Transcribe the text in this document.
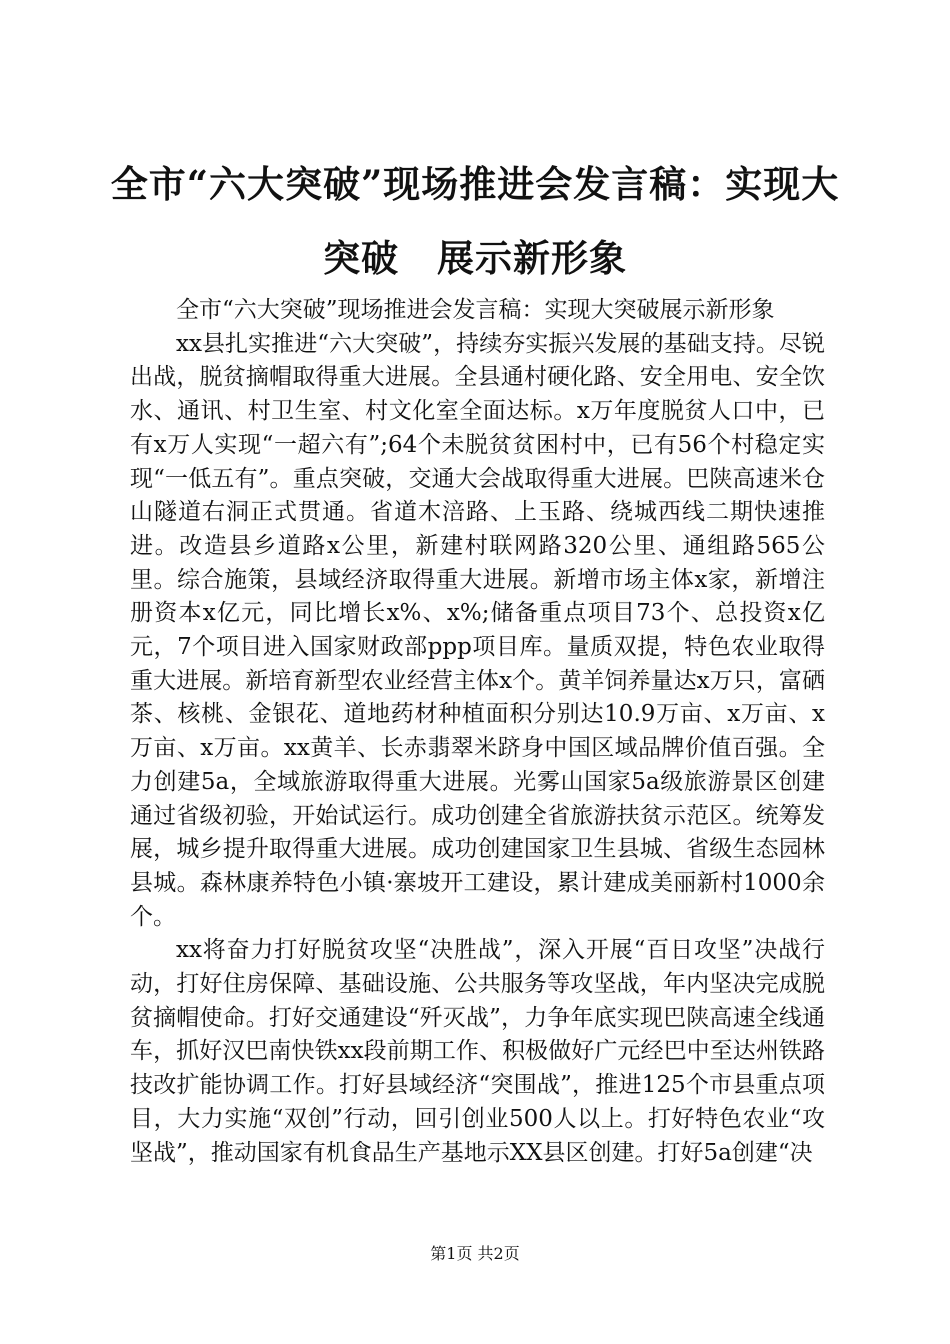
全市“六大突破”现场推进会发言稿：实现大
突破　展示新形象

全市“六大突破”现场推进会发言稿：实现大突破展示新形象

xx县扎实推进“六大突破”，持续夯实振兴发展的基础支持。尽锐出战，脱贫摘帽取得重大进展。全县通村硬化路、安全用电、安全饮水、通讯、村卫生室、村文化室全面达标。x万年度脱贫人口中，已有x万人实现“一超六有”;64个未脱贫贫困村中，已有56个村稳定实现“一低五有”。重点突破，交通大会战取得重大进展。巴陕高速米仓山隧道右洞正式贯通。省道木涪路、上玉路、绕城西线二期快速推进。改造县乡道路x公里，新建村联网路320公里、通组路565公里。综合施策，县域经济取得重大进展。新增市场主体x家，新增注册资本x亿元，同比增长x%、x%;储备重点项目73个、总投资x亿元，7个项目进入国家财政部ppp项目库。量质双提，特色农业取得重大进展。新培育新型农业经营主体x个。黄羊饲养量达x万只，富硒茶、核桃、金银花、道地药材种植面积分别达10.9万亩、x万亩、x万亩、x万亩。xx黄羊、长赤翡翠米跻身中国区域品牌价值百强。全力创建5a，全域旅游取得重大进展。光雾山国家5a级旅游景区创建通过省级初验，开始试运行。成功创建全省旅游扶贫示范区。统筹发展，城乡提升取得重大进展。成功创建国家卫生县城、省级生态园林县城。森林康养特色小镇·寨坡开工建设，累计建成美丽新村1000余个。

xx将奋力打好脱贫攻坚“决胜战”，深入开展“百日攻坚”决战行动，打好住房保障、基础设施、公共服务等攻坚战，年内坚决完成脱贫摘帽使命。打好交通建设“歼灭战”，力争年底实现巴陕高速全线通车，抓好汉巴南快铁xx段前期工作、积极做好广元经巴中至达州铁路技改扩能协调工作。打好县域经济“突围战”，推进125个市县重点项目，大力实施“双创”行动，回引创业500人以上。打好特色农业“攻坚战”，推动国家有机食品生产基地示XX县区创建。打好5a创建“决

第1页 共2页
